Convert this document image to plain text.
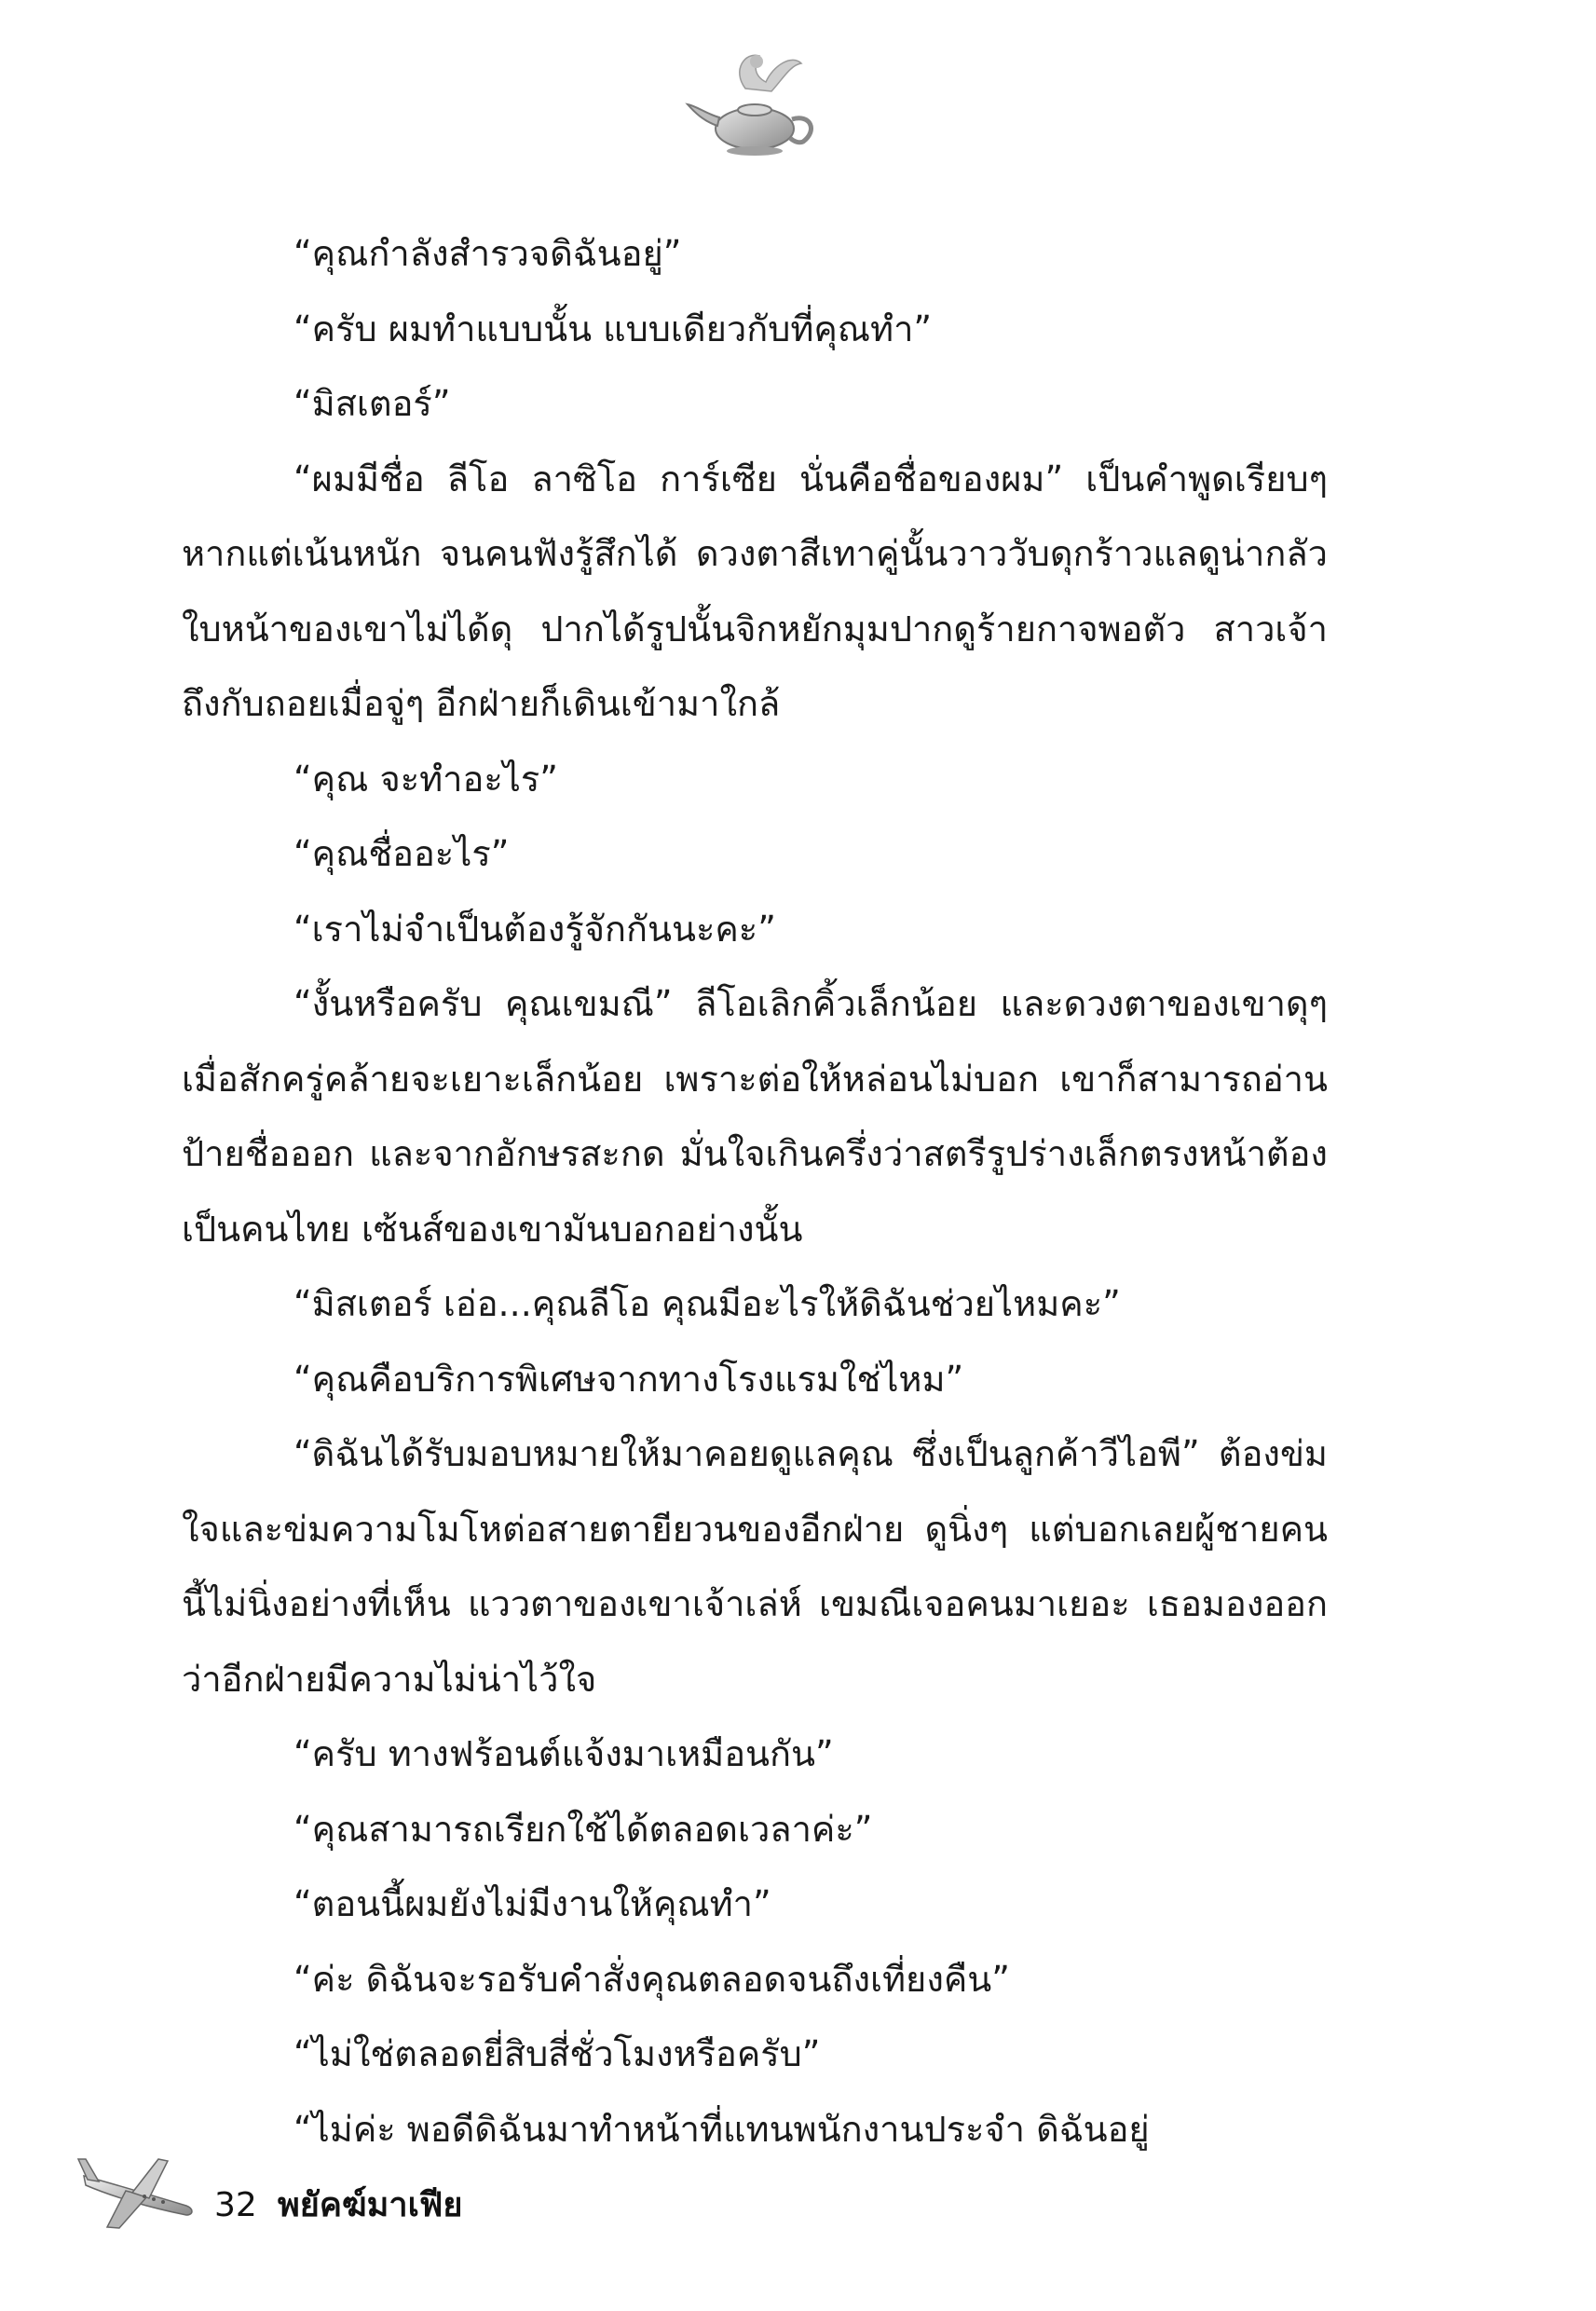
“คุณกำลังสำรวจดิฉันอยู่”

“ครับ ผมทำแบบนั้น แบบเดียวกับที่คุณทำ”

“มิสเตอร์”

“ผมมีชื่อ ลีโอ ลาซิโอ การ์เซีย นั่นคือชื่อของผม” เป็นคำพูดเรียบๆ หากแต่เน้นหนัก จนคนฟังรู้สึกได้ ดวงตาสีเทาคู่นั้นวาววับดุกร้าวแลดูน่ากลัว ใบหน้าของเขาไม่ได้ดุ ปากได้รูปนั้นจิกหยักมุมปากดูร้ายกาจพอตัว สาวเจ้าถึงกับถอยเมื่อจู่ๆ อีกฝ่ายก็เดินเข้ามาใกล้

“คุณ จะทำอะไร”

“คุณชื่ออะไร”

“เราไม่จำเป็นต้องรู้จักกันนะคะ”

“งั้นหรือครับ คุณเขมณี” ลีโอเลิกคิ้วเล็กน้อย และดวงตาของเขาดุๆ เมื่อสักครู่คล้ายจะเยาะเล็กน้อย เพราะต่อให้หล่อนไม่บอก เขาก็สามารถอ่านป้ายชื่อออก และจากอักษรสะกด มั่นใจเกินครึ่งว่าสตรีรูปร่างเล็กตรงหน้าต้องเป็นคนไทย เซ้นส์ของเขามันบอกอย่างนั้น

“มิสเตอร์ เอ่อ...คุณลีโอ คุณมีอะไรให้ดิฉันช่วยไหมคะ”

“คุณคือบริการพิเศษจากทางโรงแรมใช่ไหม”

“ดิฉันได้รับมอบหมายให้มาคอยดูแลคุณ ซึ่งเป็นลูกค้าวีไอพี” ต้องข่มใจและข่มความโมโหต่อสายตายียวนของอีกฝ่าย ดูนิ่งๆ แต่บอกเลยผู้ชายคนนี้ไม่นิ่งอย่างที่เห็น แววตาของเขาเจ้าเล่ห์ เขมณีเจอคนมาเยอะ เธอมองออกว่าอีกฝ่ายมีความไม่น่าไว้ใจ

“ครับ ทางฟร้อนต์แจ้งมาเหมือนกัน”

“คุณสามารถเรียกใช้ได้ตลอดเวลาค่ะ”

“ตอนนี้ผมยังไม่มีงานให้คุณทำ”

“ค่ะ ดิฉันจะรอรับคำสั่งคุณตลอดจนถึงเที่ยงคืน”

“ไม่ใช่ตลอดยี่สิบสี่ชั่วโมงหรือครับ”

“ไม่ค่ะ พอดีดิฉันมาทำหน้าที่แทนพนักงานประจำ ดิฉันอยู่

32 พยัคฆ์มาเฟีย
